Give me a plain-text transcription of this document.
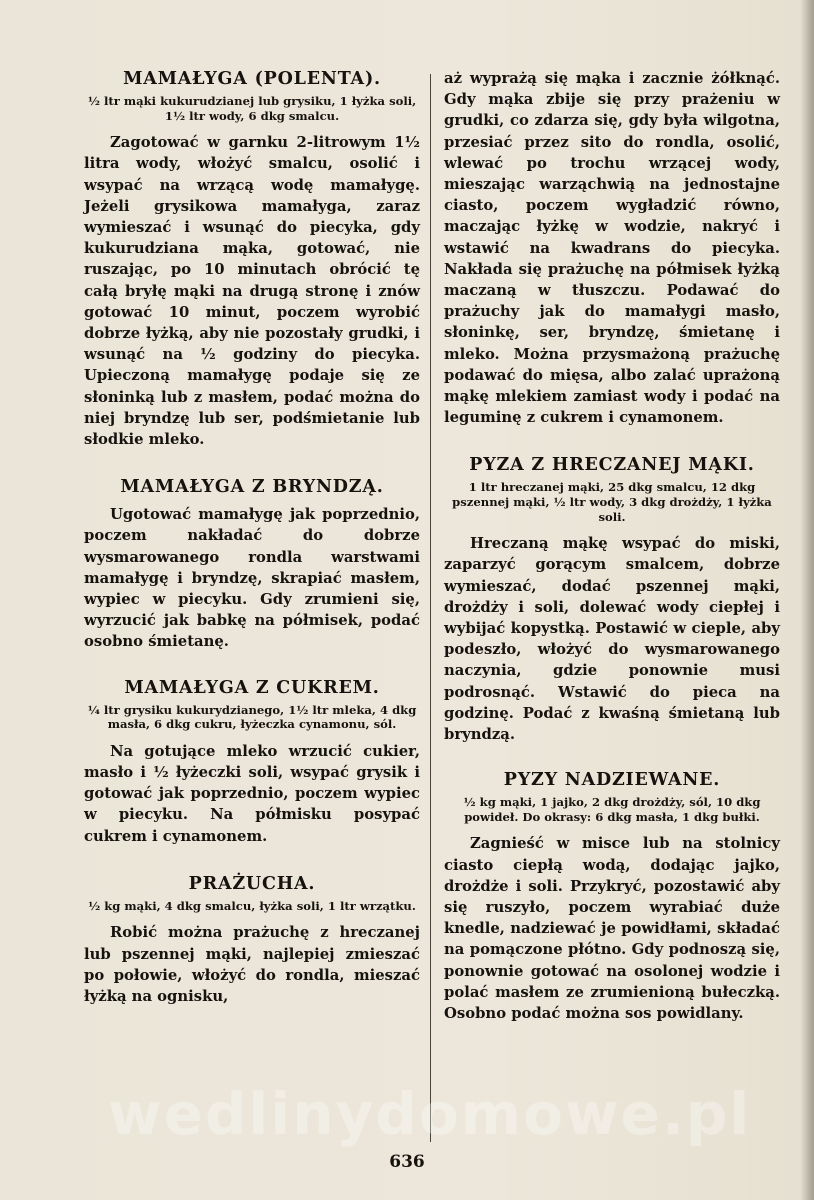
MAMAŁYGA (POLENTA).

½ ltr mąki kukurudzianej lub grysiku, 1 łyżka soli, 1½ ltr wody, 6 dkg smalcu.

Zagotować w garnku 2-litrowym 1½ litra wody, włożyć smalcu, osolić i wsypać na wrzącą wodę mamałygę. Jeżeli grysikowa mamałyga, zaraz wymieszać i wsunąć do piecyka, gdy kukurudziana mąka, gotować, nie ruszając, po 10 minutach obrócić tę całą bryłę mąki na drugą stronę i znów gotować 10 minut, poczem wyrobić dobrze łyżką, aby nie pozostały grudki, i wsunąć na ½ godziny do piecyka. Upieczoną mamałygę podaje się ze słoninką lub z masłem, podać można do niej bryndzę lub ser, podśmietanie lub słodkie mleko.

MAMAŁYGA Z BRYNDZĄ.

Ugotować mamałygę jak poprzednio, poczem nakładać do dobrze wysmarowanego rondla warstwami mamałygę i bryndzę, skrapiać masłem, wypiec w piecyku. Gdy zrumieni się, wyrzucić jak babkę na półmisek, podać osobno śmietanę.

MAMAŁYGA Z CUKREM.

¼ ltr grysiku kukurydzianego, 1½ ltr mleka, 4 dkg masła, 6 dkg cukru, łyżeczka cynamonu, sól.

Na gotujące mleko wrzucić cukier, masło i ½ łyżeczki soli, wsypać grysik i gotować jak poprzednio, poczem wypiec w piecyku. Na półmisku posypać cukrem i cynamonem.

PRAŻUCHA.

½ kg mąki, 4 dkg smalcu, łyżka soli, 1 ltr wrzątku.

Robić można prażuchę z hreczanej lub pszennej mąki, najlepiej zmieszać po połowie, włożyć do rondla, mieszać łyżką na ognisku,

aż wyprażą się mąka i zacznie żółknąć. Gdy mąka zbije się przy prażeniu w grudki, co zdarza się, gdy była wilgotna, przesiać przez sito do rondla, osolić, wlewać po trochu wrzącej wody, mieszając warząchwią na jednostajne ciasto, poczem wygładzić równo, maczając łyżkę w wodzie, nakryć i wstawić na kwadrans do piecyka. Nakłada się prażuchę na półmisek łyżką maczaną w tłuszczu. Podawać do prażuchy jak do mamałygi masło, słoninkę, ser, bryndzę, śmietanę i mleko. Można przysmażoną prażuchę podawać do mięsa, albo zalać uprażoną mąkę mlekiem zamiast wody i podać na leguminę z cukrem i cynamonem.

PYZA Z HRECZANEJ MĄKI.

1 ltr hreczanej mąki, 25 dkg smalcu, 12 dkg pszennej mąki, ½ ltr wody, 3 dkg drożdży, 1 łyżka soli.

Hreczaną mąkę wsypać do miski, zaparzyć gorącym smalcem, dobrze wymieszać, dodać pszennej mąki, drożdży i soli, dolewać wody ciepłej i wybijać kopystką. Postawić w cieple, aby podeszło, włożyć do wysmarowanego naczynia, gdzie ponownie musi podrosnąć. Wstawić do pieca na godzinę. Podać z kwaśną śmietaną lub bryndzą.

PYZY NADZIEWANE.

½ kg mąki, 1 jajko, 2 dkg drożdży, sól, 10 dkg powideł. Do okrasy: 6 dkg masła, 1 dkg bułki.

Zagnieść w misce lub na stolnicy ciasto ciepłą wodą, dodając jajko, drożdże i soli. Przykryć, pozostawić aby się ruszyło, poczem wyrabiać duże knedle, nadziewać je powidłami, składać na pomączone płótno. Gdy podnoszą się, ponownie gotować na osolonej wodzie i polać masłem ze zrumienioną bułeczką. Osobno podać można sos powidlany.

wedlinydomowe.pl
636
